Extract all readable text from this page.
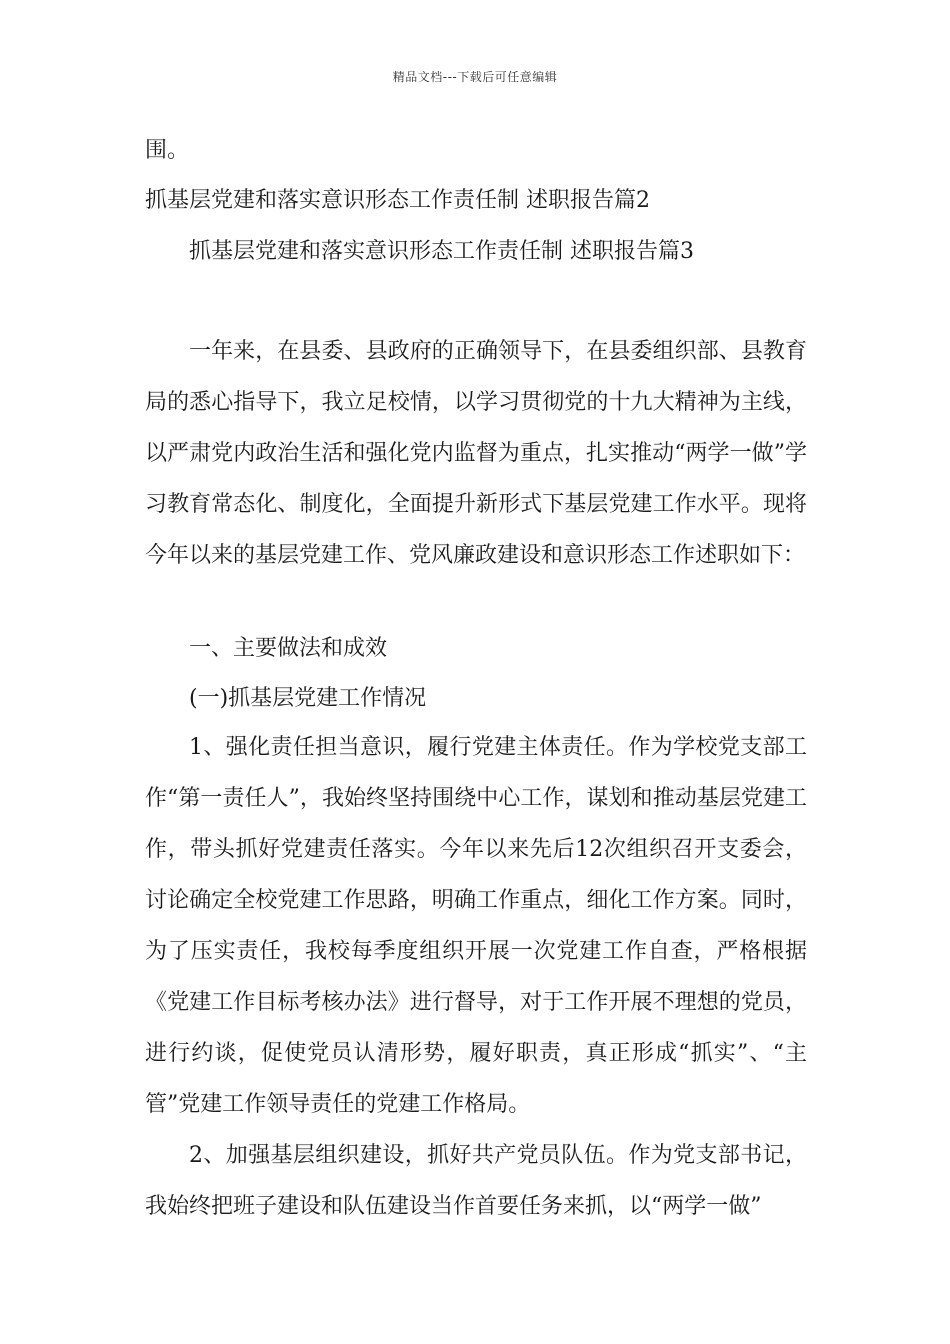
精品文档---下载后可任意编辑
围。
抓基层党建和落实意识形态工作责任制 述职报告篇2
抓基层党建和落实意识形态工作责任制 述职报告篇3

一年来，在县委、县政府的正确领导下，在县委组织部、县教育局的悉心指导下，我立足校情，以学习贯彻党的十九大精神为主线，以严肃党内政治生活和强化党内监督为重点，扎实推动“两学一做”学习教育常态化、制度化，全面提升新形式下基层党建工作水平。现将今年以来的基层党建工作、党风廉政建设和意识形态工作述职如下：

一、主要做法和成效
(一)抓基层党建工作情况

1、强化责任担当意识，履行党建主体责任。作为学校党支部工作“第一责任人”，我始终坚持围绕中心工作，谋划和推动基层党建工作，带头抓好党建责任落实。今年以来先后12次组织召开支委会，讨论确定全校党建工作思路，明确工作重点，细化工作方案。同时，为了压实责任，我校每季度组织开展一次党建工作自查，严格根据《党建工作目标考核办法》进行督导，对于工作开展不理想的党员，进行约谈，促使党员认清形势，履好职责，真正形成“抓实”、“主管”党建工作领导责任的党建工作格局。

2、加强基层组织建设，抓好共产党员队伍。作为党支部书记，我始终把班子建设和队伍建设当作首要任务来抓，以“两学一做”
